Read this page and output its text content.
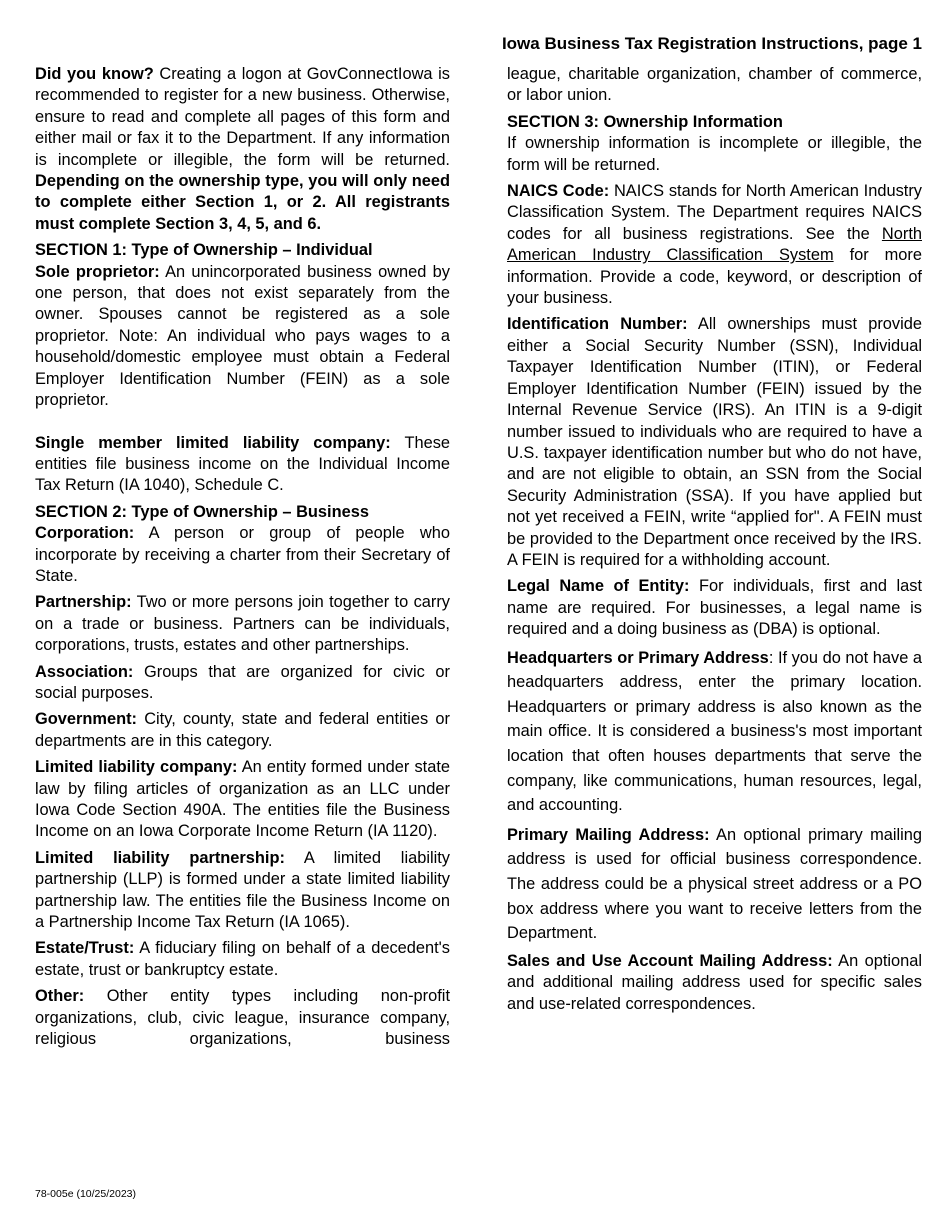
Iowa Business Tax Registration Instructions, page 1

Did you know? Creating a logon at GovConnectIowa is recommended to register for a new business. Otherwise, ensure to read and complete all pages of this form and either mail or fax it to the Department. If any information is incomplete or illegible, the form will be returned. Depending on the ownership type, you will only need to complete either Section 1, or 2. All registrants must complete Section 3, 4, 5, and 6.

SECTION 1: Type of Ownership – Individual

Sole proprietor: An unincorporated business owned by one person, that does not exist separately from the owner. Spouses cannot be registered as a sole proprietor. Note: An individual who pays wages to a household/domestic employee must obtain a Federal Employer Identification Number (FEIN) as a sole proprietor.

Single member limited liability company: These entities file business income on the Individual Income Tax Return (IA 1040), Schedule C.

SECTION 2: Type of Ownership – Business

Corporation: A person or group of people who incorporate by receiving a charter from their Secretary of State.

Partnership: Two or more persons join together to carry on a trade or business. Partners can be individuals, corporations, trusts, estates and other partnerships.

Association: Groups that are organized for civic or social purposes.

Government: City, county, state and federal entities or departments are in this category.

Limited liability company: An entity formed under state law by filing articles of organization as an LLC under Iowa Code Section 490A. The entities file the Business Income on an Iowa Corporate Income Return (IA 1120).

Limited liability partnership: A limited liability partnership (LLP) is formed under a state limited liability partnership law. The entities file the Business Income on a Partnership Income Tax Return (IA 1065).

Estate/Trust: A fiduciary filing on behalf of a decedent's estate, trust or bankruptcy estate.

Other: Other entity types including non-profit organizations, club, civic league, insurance company, religious organizations, business

league, charitable organization, chamber of commerce, or labor union.

SECTION 3: Ownership Information

If ownership information is incomplete or illegible, the form will be returned.

NAICS Code: NAICS stands for North American Industry Classification System. The Department requires NAICS codes for all business registrations. See the North American Industry Classification System for more information. Provide a code, keyword, or description of your business.

Identification Number: All ownerships must provide either a Social Security Number (SSN), Individual Taxpayer Identification Number (ITIN), or Federal Employer Identification Number (FEIN) issued by the Internal Revenue Service (IRS). An ITIN is a 9-digit number issued to individuals who are required to have a U.S. taxpayer identification number but who do not have, and are not eligible to obtain, an SSN from the Social Security Administration (SSA). If you have applied but not yet received a FEIN, write “applied for". A FEIN must be provided to the Department once received by the IRS. A FEIN is required for a withholding account.

Legal Name of Entity: For individuals, first and last name are required. For businesses, a legal name is required and a doing business as (DBA) is optional.

Headquarters or Primary Address: If you do not have a headquarters address, enter the primary location. Headquarters or primary address is also known as the main office. It is considered a business's most important location that often houses departments that serve the company, like communications, human resources, legal, and accounting.

Primary Mailing Address: An optional primary mailing address is used for official business correspondence. The address could be a physical street address or a PO box address where you want to receive letters from the Department.

Sales and Use Account Mailing Address: An optional and additional mailing address used for specific sales and use-related correspondences.

78-005e (10/25/2023)
